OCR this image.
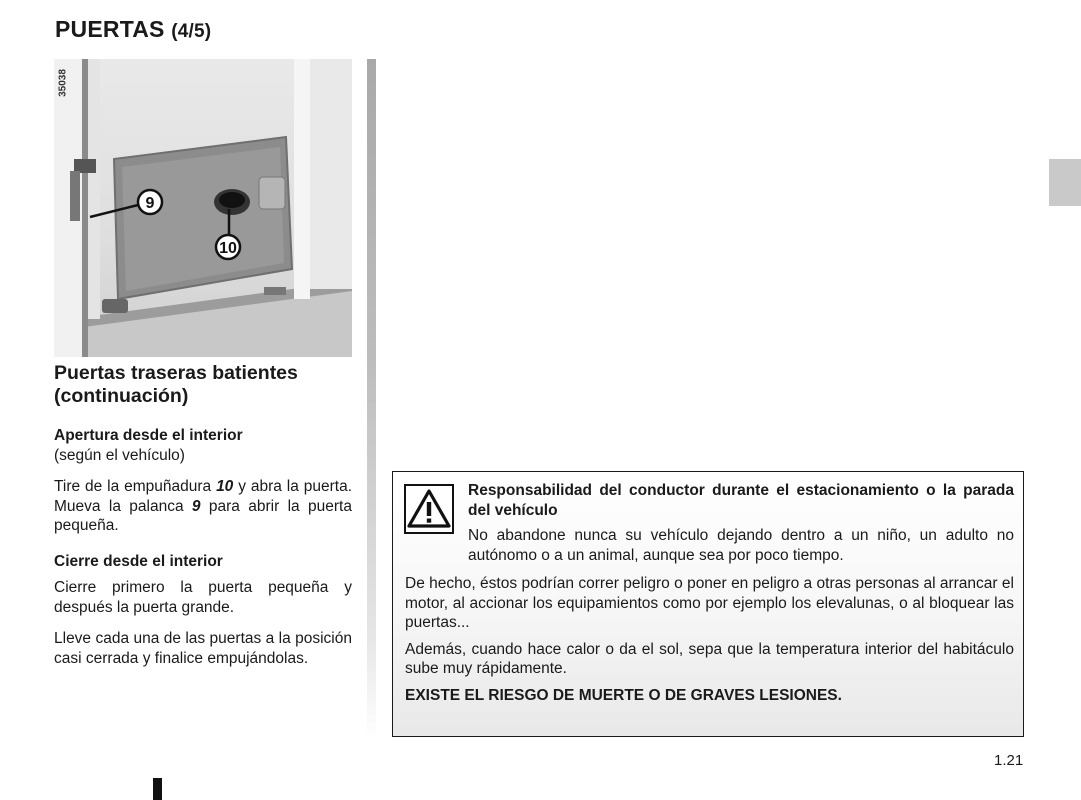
PUERTAS (4/5)
9
10
35038
Puertas traseras batientes
(continuación)
Apertura desde el interior

(según el vehículo)

Tire de la empuñadura 10 y abra la puerta. Mueva la palanca 9 para abrir la puerta pequeña.

Cierre desde el interior

Cierre primero la puerta pequeña y después la puerta grande.

Lleve cada una de las puertas a la posición casi cerrada y finalice empujándolas.

Responsabilidad del conductor durante el estacionamiento o la parada del vehículo

No abandone nunca su vehículo dejando dentro a un niño, un adulto no autónomo o a un animal, aunque sea por poco tiempo.

De hecho, éstos podrían correr peligro o poner en peligro a otras personas al arrancar el motor, al accionar los equipamientos como por ejemplo los elevalunas, o al bloquear las puertas...

Además, cuando hace calor o da el sol, sepa que la temperatura interior del habitáculo sube muy rápidamente.

EXISTE EL RIESGO DE MUERTE O DE GRAVES LESIONES.

1.21
